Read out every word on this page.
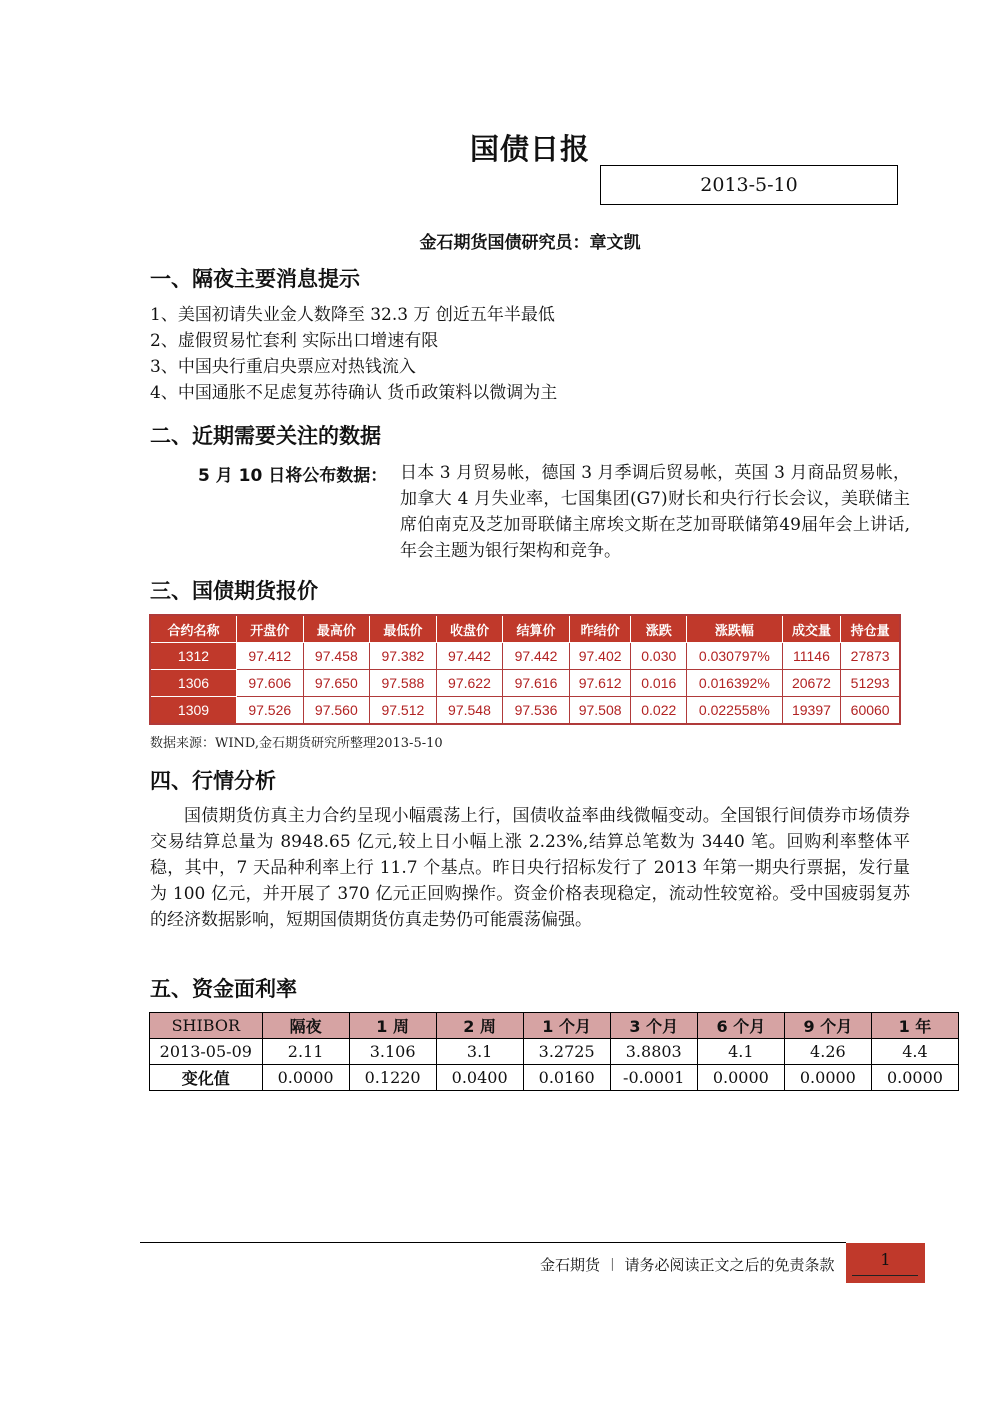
国债日报
2013-5-10
金石期货国债研究员：章文凯
一、隔夜主要消息提示
1、美国初请失业金人数降至 32.3 万 创近五年半最低
2、虚假贸易忙套利 实际出口增速有限
3、中国央行重启央票应对热钱流入
4、中国通胀不足虑复苏待确认 货币政策料以微调为主
二、近期需要关注的数据
5 月 10 日将公布数据： 日本 3 月贸易帐，德国 3 月季调后贸易帐，英国 3 月商品贸易帐，加拿大 4 月失业率，七国集团(G7)财长和央行行长会议，美联储主席伯南克及芝加哥联储主席埃文斯在芝加哥联储第49届年会上讲话,年会主题为银行架构和竞争。
三、国债期货报价
合约名称	开盘价	最高价	最低价	收盘价	结算价	昨结价	涨跌	涨跌幅	成交量	持仓量
1312	97.412	97.458	97.382	97.442	97.442	97.402	0.030	0.030797%	11146	27873
1306	97.606	97.650	97.588	97.622	97.616	97.612	0.016	0.016392%	20672	51293
1309	97.526	97.560	97.512	97.548	97.536	97.508	0.022	0.022558%	19397	60060
数据来源：WIND,金石期货研究所整理2013-5-10
四、行情分析
国债期货仿真主力合约呈现小幅震荡上行，国债收益率曲线微幅变动。全国银行间债券市场债券交易结算总量为 8948.65 亿元,较上日小幅上涨 2.23%,结算总笔数为 3440 笔。回购利率整体平稳，其中，7 天品种利率上行 11.7 个基点。昨日央行招标发行了 2013 年第一期央行票据，发行量为 100 亿元，并开展了 370 亿元正回购操作。资金价格表现稳定，流动性较宽裕。受中国疲弱复苏的经济数据影响，短期国债期货仿真走势仍可能震荡偏强。
五、资金面利率
SHIBOR	隔夜	1 周	2 周	1 个月	3 个月	6 个月	9 个月	1 年
2013-05-09	2.11	3.106	3.1	3.2725	3.8803	4.1	4.26	4.4
变化值	0.0000	0.1220	0.0400	0.0160	-0.0001	0.0000	0.0000	0.0000
金石期货 ︱ 请务必阅读正文之后的免责条款	1
